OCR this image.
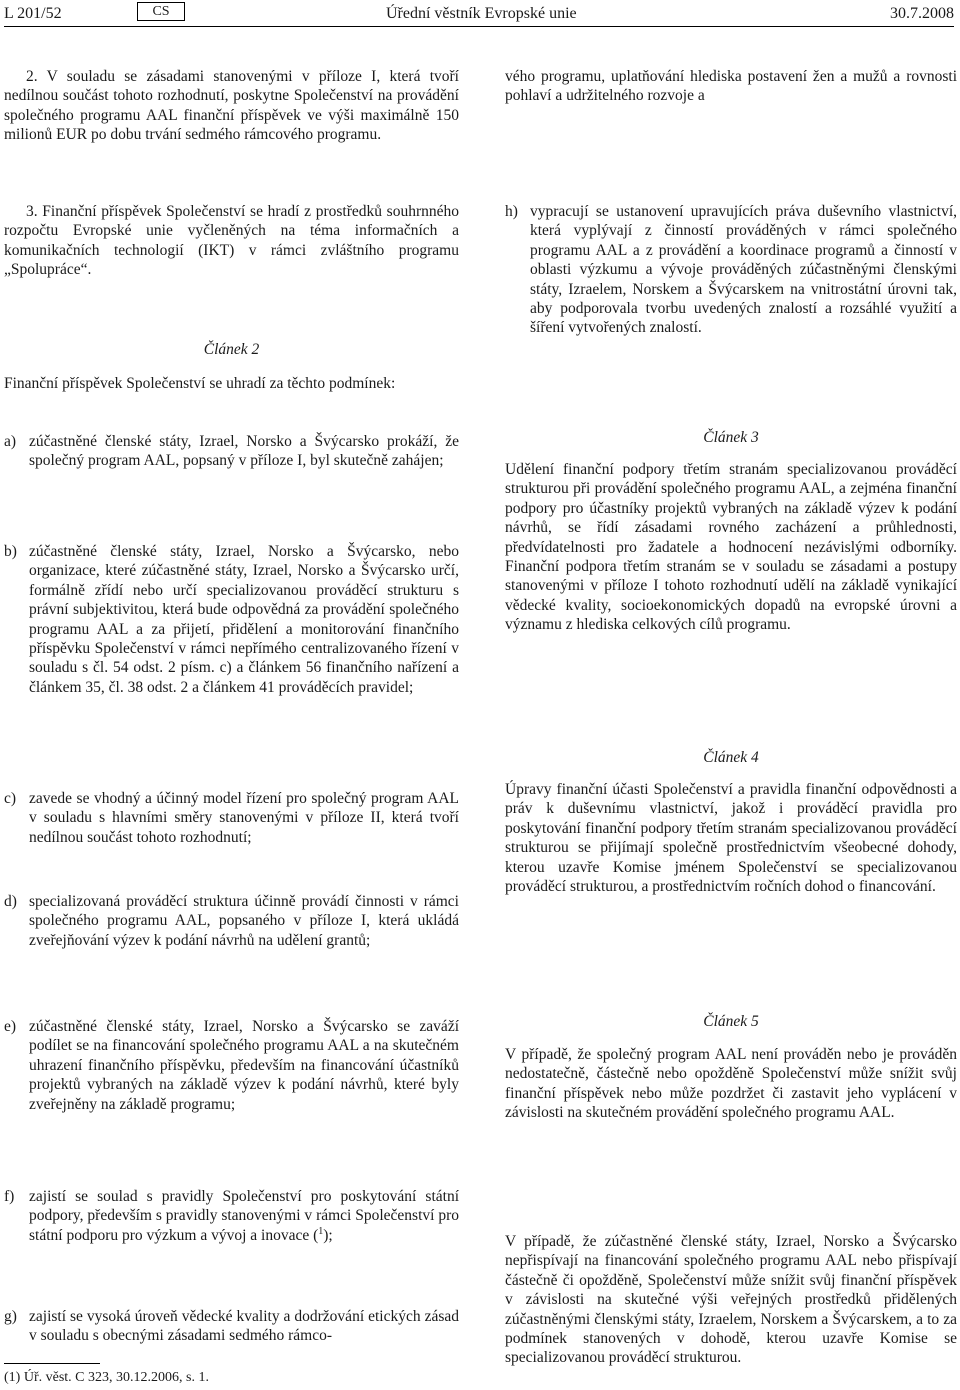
L 201/52	CS	Úřední věstník Evropské unie	30.7.2008

2. V souladu se zásadami stanovenými v příloze I, která tvoří nedílnou součást tohoto rozhodnutí, poskytne Společenství na provádění společného programu AAL finanční příspěvek ve výši maximálně 150 milionů EUR po dobu trvání sedmého rámcového programu.

3. Finanční příspěvek Společenství se hradí z prostředků souhrnného rozpočtu Evropské unie vyčleněných na téma informačních a komunikačních technologií (IKT) v rámci zvláštního programu „Spolupráce“.

Článek 2

Finanční příspěvek Společenství se uhradí za těchto podmínek:

a) zúčastněné členské státy, Izrael, Norsko a Švýcarsko prokáží, že společný program AAL, popsaný v příloze I, byl skutečně zahájen;
b) zúčastněné členské státy, Izrael, Norsko a Švýcarsko, nebo organizace, které zúčastněné státy, Izrael, Norsko a Švýcarsko určí, formálně zřídí nebo určí specializovanou prováděcí strukturu s právní subjektivitou, která bude odpovědná za provádění společného programu AAL a za přijetí, přidělení a monitorování finančního příspěvku Společenství v rámci nepřímého centralizovaného řízení v souladu s čl. 54 odst. 2 písm. c) a článkem 56 finančního nařízení a článkem 35, čl. 38 odst. 2 a článkem 41 prováděcích pravidel;
c) zavede se vhodný a účinný model řízení pro společný program AAL v souladu s hlavními směry stanovenými v příloze II, která tvoří nedílnou součást tohoto rozhodnutí;
d) specializovaná prováděcí struktura účinně provádí činnosti v rámci společného programu AAL, popsaného v příloze I, která ukládá zveřejňování výzev k podání návrhů na udělení grantů;
e) zúčastněné členské státy, Izrael, Norsko a Švýcarsko se zaváží podílet se na financování společného programu AAL a na skutečném uhrazení finančního příspěvku, především na financování účastníků projektů vybraných na základě výzev k podání návrhů, které byly zveřejněny na základě programu;
f) zajistí se soulad s pravidly Společenství pro poskytování státní podpory, především s pravidly stanovenými v rámci Společenství pro státní podporu pro výzkum a vývoj a inovace ($^1$);
g) zajistí se vysoká úroveň vědecké kvality a dodržování etických zásad v souladu s obecnými zásadami sedmého rámco-

vého programu, uplatňování hlediska postavení žen a mužů a rovnosti pohlaví a udržitelného rozvoje a

h) vypracují se ustanovení upravujících práva duševního vlastnictví, která vyplývají z činností prováděných v rámci společného programu AAL a z provádění a koordinace programů a činností v oblasti výzkumu a vývoje prováděných zúčastněnými členskými státy, Izraelem, Norskem a Švýcarskem na vnitrostátní úrovni tak, aby podporovala tvorbu uvedených znalostí a rozsáhlé využití a šíření vytvořených znalostí.

Článek 3

Udělení finanční podpory třetím stranám specializovanou prováděcí strukturou při provádění společného programu AAL, a zejména finanční podpory pro účastníky projektů vybraných na základě výzev k podání návrhů, se řídí zásadami rovného zacházení a průhlednosti, předvídatelnosti pro žadatele a hodnocení nezávislými odborníky. Finanční podpora třetím stranám se v souladu se zásadami a postupy stanovenými v příloze I tohoto rozhodnutí udělí na základě vynikající vědecké kvality, socioekonomických dopadů na evropské úrovni a významu z hlediska celkových cílů programu.

Článek 4

Úpravy finanční účasti Společenství a pravidla finanční odpovědnosti a práv k duševnímu vlastnictví, jakož i prováděcí pravidla pro poskytování finanční podpory třetím stranám specializovanou prováděcí strukturou se přijímají společně prostřednictvím všeobecné dohody, kterou uzavře Komise jménem Společenství se specializovanou prováděcí strukturou, a prostřednictvím ročních dohod o financování.

Článek 5

V případě, že společný program AAL není prováděn nebo je prováděn nedostatečně, částečně nebo opožděně Společenství může snížit svůj finanční příspěvek nebo může pozdržet či zastavit jeho vyplácení v závislosti na skutečném provádění společného programu AAL.

V případě, že zúčastněné členské státy, Izrael, Norsko a Švýcarsko nepřispívají na financování společného programu AAL nebo přispívají částečně či opožděně, Společenství může snížit svůj finanční příspěvek v závislosti na skutečné výši veřejných prostředků přidělených zúčastněnými členskými státy, Izraelem, Norskem a Švýcarskem, a to za podmínek stanovených v dohodě, kterou uzavře Komise se specializovanou prováděcí strukturou.

(1) Úř. věst. C 323, 30.12.2006, s. 1.
